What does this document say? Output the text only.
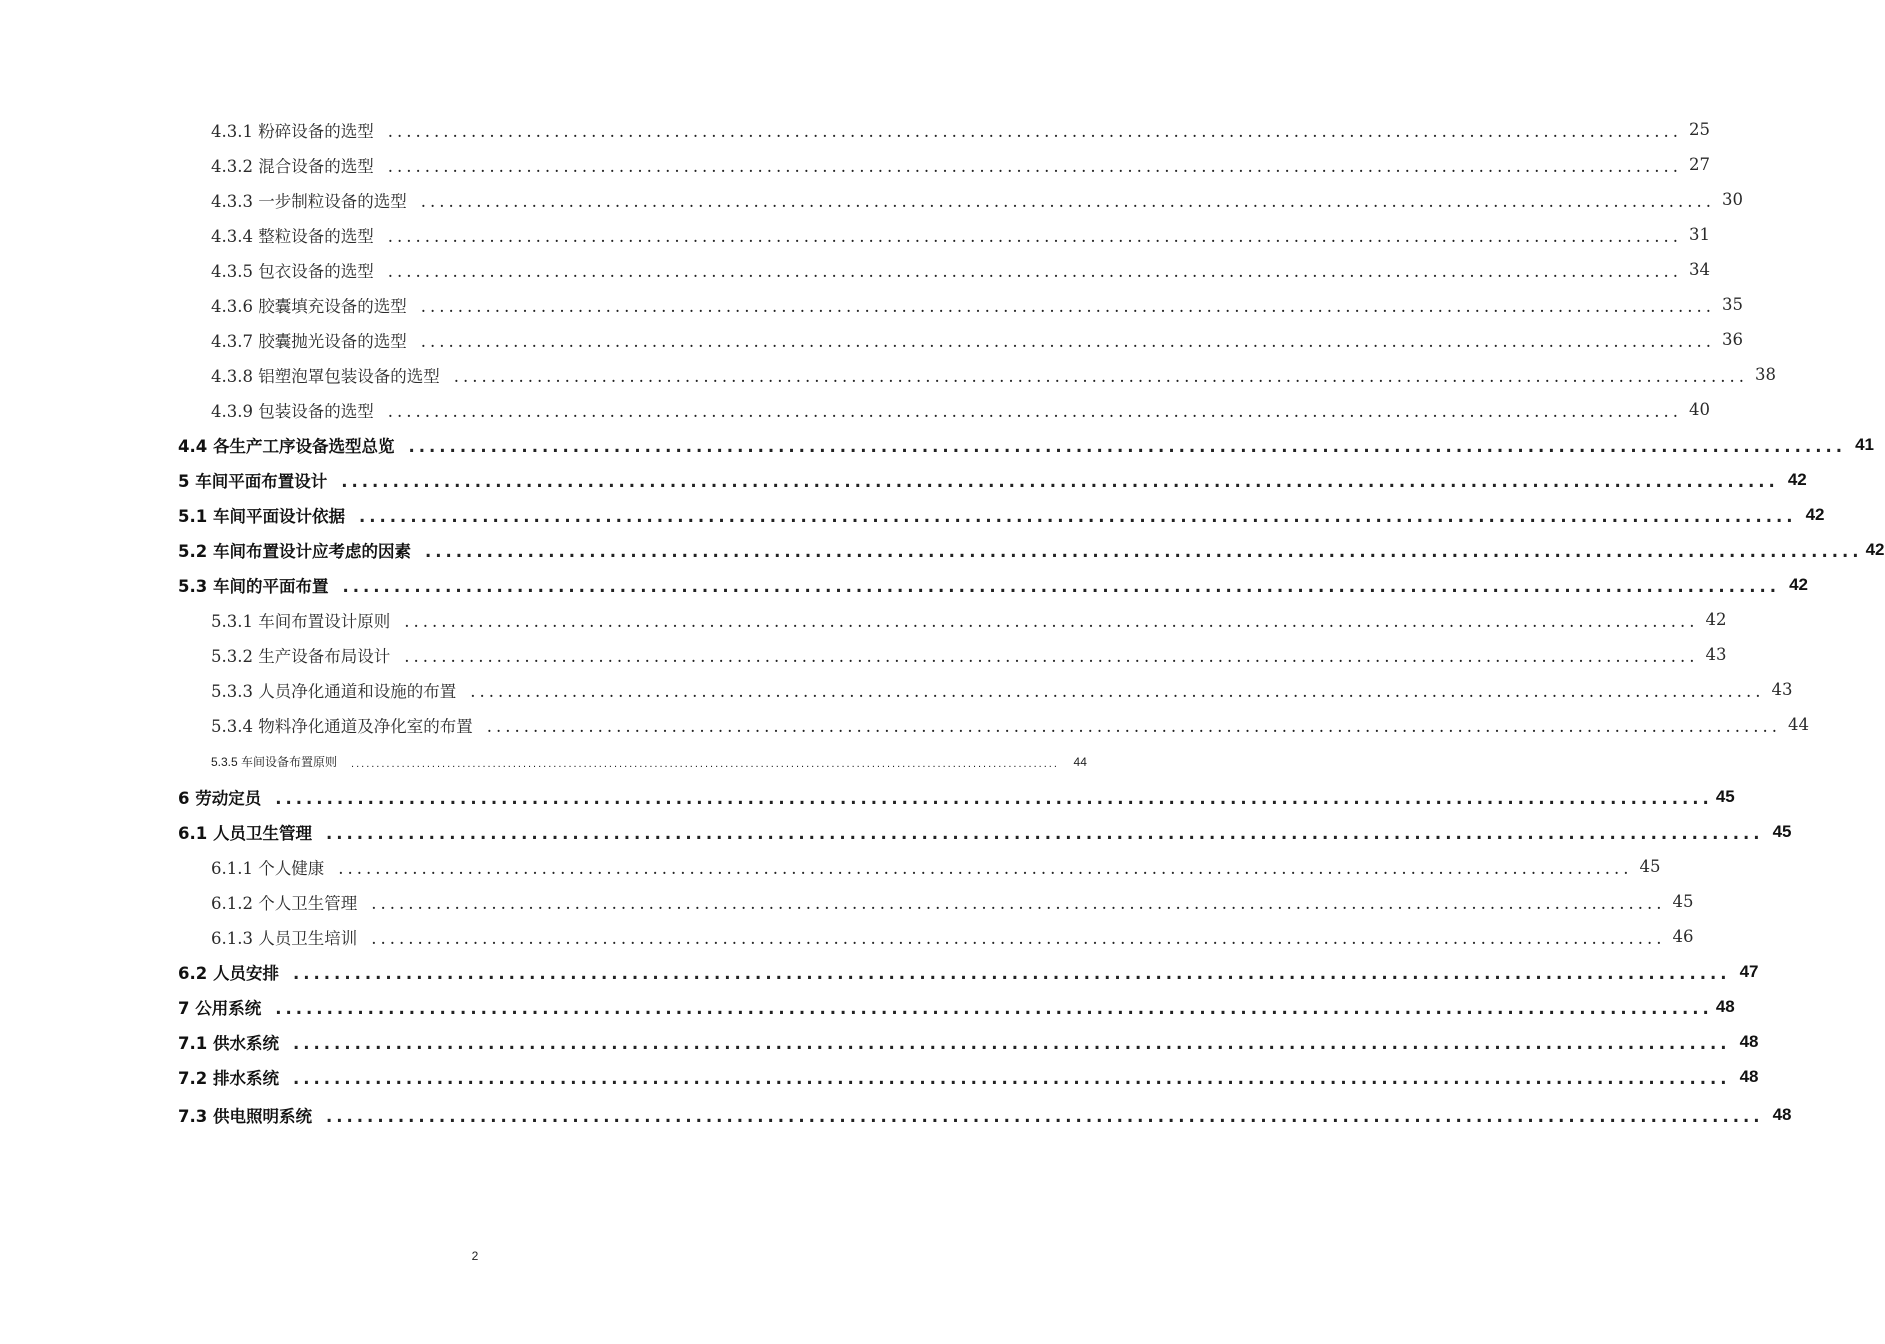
4.3.1 粉碎设备的选型 ............................................................................................................................................ 25
4.3.2 混合设备的选型 ............................................................................................................................................ 27
4.3.3 一步制粒设备的选型 ............................................................................................................................................ 30
4.3.4 整粒设备的选型 ............................................................................................................................................ 31
4.3.5 包衣设备的选型 ............................................................................................................................................ 34
4.3.6 胶囊填充设备的选型 ............................................................................................................................................ 35
4.3.7 胶囊抛光设备的选型 ............................................................................................................................................ 36
4.3.8 铝塑泡罩包装设备的选型 ............................................................................................................................................ 38
4.3.9 包装设备的选型 ............................................................................................................................................ 40
4.4 各生产工序设备选型总览 ............................................................................................................................................ 41
5 车间平面布置设计 ............................................................................................................................................ 42
5.1 车间平面设计依据 ............................................................................................................................................ 42
5.2 车间布置设计应考虑的因素 ............................................................................................................................................ 42
5.3 车间的平面布置 ............................................................................................................................................ 42
5.3.1 车间布置设计原则 ............................................................................................................................................ 42
5.3.2 生产设备布局设计 ............................................................................................................................................ 43
5.3.3 人员净化通道和设施的布置 ............................................................................................................................................ 43
5.3.4 物料净化通道及净化室的布置 ............................................................................................................................................ 44
5.3.5 车间设备布置原则 ............................................................................................................................................	44
6 劳动定员 ............................................................................................................................................ 45
6.1 人员卫生管理 ............................................................................................................................................ 45
6.1.1 个人健康 ............................................................................................................................................ 45
6.1.2 个人卫生管理 ............................................................................................................................................ 45
6.1.3 人员卫生培训 ............................................................................................................................................ 46
6.2 人员安排 ............................................................................................................................................ 47
7 公用系统 ............................................................................................................................................ 48
7.1 供水系统 ............................................................................................................................................ 48
7.2 排水系统 ............................................................................................................................................ 48
7.3 供电照明系统 ............................................................................................................................................ 48
2
